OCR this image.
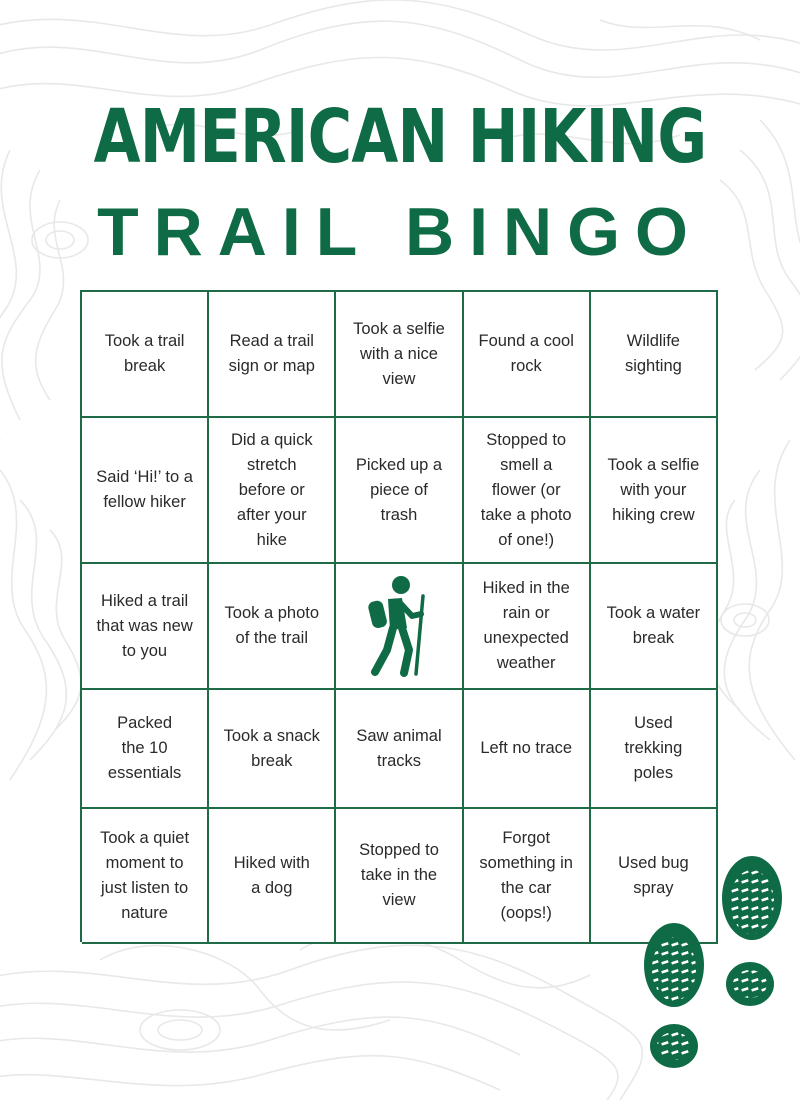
AMERICAN HIKING
TRAIL BINGO
Took a trail
break
Read a trail
sign or map
Took a selfie
with a nice
view
Found a cool
rock
Wildlife
sighting
Said ‘Hi!’ to a
fellow hiker
Did a quick
stretch
before or
after your
hike
Picked up a
piece of
trash
Stopped to
smell a
flower (or
take a photo
of one!)
Took a selfie
with your
hiking crew
Hiked a trail
that was new
to you
Took a photo
of the trail
Hiked in the
rain or
unexpected
weather
Took a water
break
Packed
the 10
essentials
Took a snack
break
Saw animal
tracks
Left no trace
Used
trekking
poles
Took a quiet
moment to
just listen to
nature
Hiked with
a dog
Stopped to
take in the
view
Forgot
something in
the car
(oops!)
Used bug
spray
